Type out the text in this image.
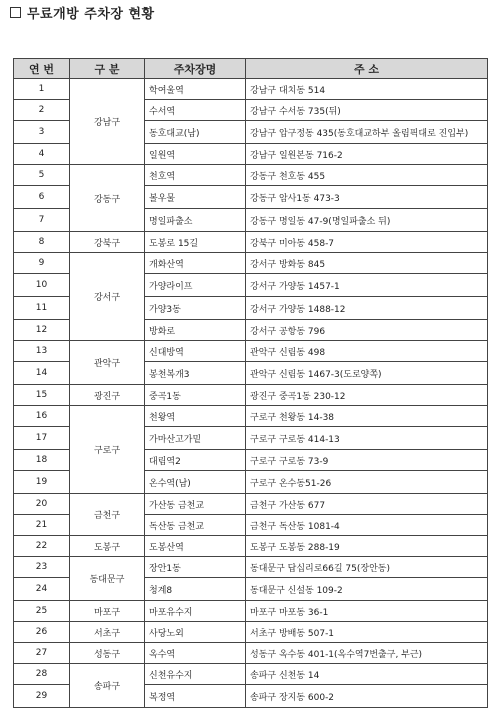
무료개방 주차장 현황
연 번	구 분	주차장명	주 소
1	강남구	학여울역	강남구 대치동 514
2		수서역	강남구 수서동 735(뒤)
3		동호대교(남)	강남구 압구정동 435(동호대교하부 올림픽대로 진입부)
4		일원역	강남구 일원본동 716-2
5	강동구	천호역	강동구 천호동 455
6		볼우물	강동구 암사1동 473-3
7		명일파출소	강동구 명일동 47-9(명일파출소 뒤)
8	강북구	도봉로 15길	강북구 미아동 458-7
9	강서구	개화산역	강서구 방화동 845
10		가양라이프	강서구 가양동 1457-1
11		가양3동	강서구 가양동 1488-12
12		방화로	강서구 공항동 796
13	관악구	신대방역	관악구 신림동 498
14		봉천복개3	관악구 신림동 1467-3(도로양쪽)
15	광진구	중곡1동	광진구 중곡1동 230-12
16	구로구	천왕역	구로구 천왕동 14-38
17		가마산고가밑	구로구 구로동 414-13
18		대림역2	구로구 구로동 73-9
19		온수역(남)	구로구 온수동51-26
20	금천구	가산동 금천교	금천구 가산동 677
21		독산동 금천교	금천구 독산동 1081-4
22	도봉구	도봉산역	도봉구 도봉동 288-19
23	동대문구	장안1동	동대문구 답십리로66길 75(장안동)
24		청계8	동대문구 신설동 109-2
25	마포구	마포유수지	마포구 마포동 36-1
26	서초구	사당노외	서초구 방배동 507-1
27	성동구	옥수역	성동구 옥수동 401-1(옥수역7번출구, 부근)
28	송파구	신천유수지	송파구 신천동 14
29		복정역	송파구 장지동 600-2
